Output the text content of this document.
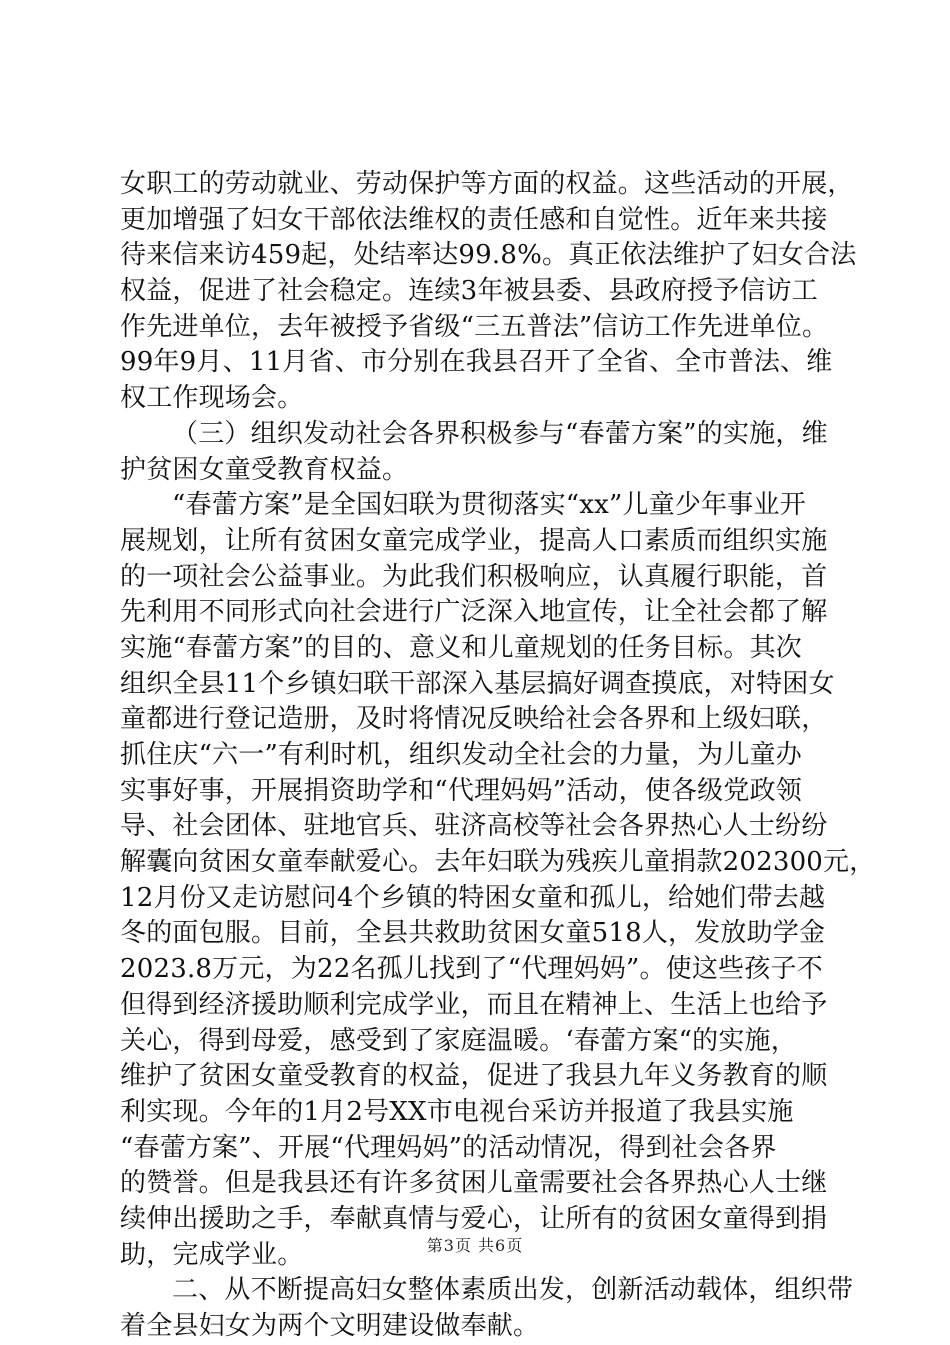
女职工的劳动就业、劳动保护等方面的权益。这些活动的开展，
更加增强了妇女干部依法维权的责任感和自觉性。近年来共接
待来信来访459起，处结率达99.8%。真正依法维护了妇女合法
权益，促进了社会稳定。连续3年被县委、县政府授予信访工
作先进单位，去年被授予省级“三五普法”信访工作先进单位。
99年9月、11月省、市分别在我县召开了全省、全市普法、维
权工作现场会。
（三）组织发动社会各界积极参与“春蕾方案”的实施，维
护贫困女童受教育权益。
“春蕾方案”是全国妇联为贯彻落实“xx”儿童少年事业开
展规划，让所有贫困女童完成学业，提高人口素质而组织实施
的一项社会公益事业。为此我们积极响应，认真履行职能，首
先利用不同形式向社会进行广泛深入地宣传，让全社会都了解
实施“春蕾方案”的目的、意义和儿童规划的任务目标。其次
组织全县11个乡镇妇联干部深入基层搞好调查摸底，对特困女
童都进行登记造册，及时将情况反映给社会各界和上级妇联，
抓住庆“六一”有利时机，组织发动全社会的力量，为儿童办
实事好事，开展捐资助学和“代理妈妈”活动，使各级党政领
导、社会团体、驻地官兵、驻济高校等社会各界热心人士纷纷
解囊向贫困女童奉献爱心。去年妇联为残疾儿童捐款202300元，
12月份又走访慰问4个乡镇的特困女童和孤儿，给她们带去越
冬的面包服。目前，全县共救助贫困女童518人，发放助学金
2023.8万元，为22名孤儿找到了“代理妈妈”。使这些孩子不
但得到经济援助顺利完成学业，而且在精神上、生活上也给予
关心，得到母爱，感受到了家庭温暖。‘春蕾方案“的实施，
维护了贫困女童受教育的权益，促进了我县九年义务教育的顺
利实现。今年的1月2号XX市电视台采访并报道了我县实施
“春蕾方案”、开展“代理妈妈”的活动情况，得到社会各界
的赞誉。但是我县还有许多贫困儿童需要社会各界热心人士继
续伸出援助之手，奉献真情与爱心，让所有的贫困女童得到捐
助，完成学业。
二、从不断提高妇女整体素质出发，创新活动载体，组织带
着全县妇女为两个文明建设做奉献。
第3页 共6页
